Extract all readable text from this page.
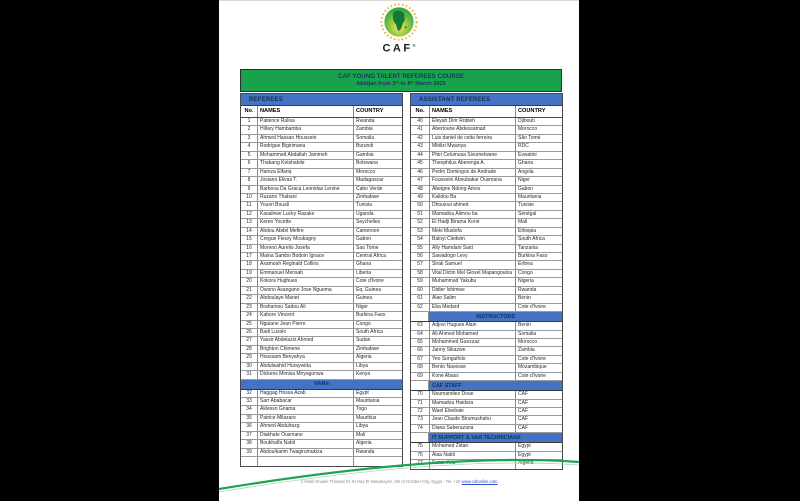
CAF®
CAF YOUNG TALENT REFEREES COURSE
Abidjan from 3ʳᵈ to 8ᵗʰ March 2025
REFEREES
No.	NAMES	COUNTRY
1	Patience Rulisa	Rwanda
2	Hillary Hambamba	Zambia
3	Ahmed Hassan Houssein	Somalia
4	Rodrigue Bigirimana	Burundi
5	Mohammed Abdallah Jammeh	Gambia
6	Thabang Ketshabile	Botswana
7	Hamza Elfariq	Morocco
8	Josiano Elivas T.	Madagascar
9	Barbosa Da Graca Leonidas Lenine	Cabo Verde
10	Ruzario Thabani	Zimbabwe
11	Yousri Bouali	Tunisia
12	Kasalirwe Lucky Razake	Uganda
13	Keren Yocette	Seychelles
14	Abdou Abdel Mefire	Cameroon
15	Cregue Fleury Moukagny	Gabon
16	Moreno Aurelio Josefa	Sao Tome
17	Maina Sambo Bodoin Ignace	Central Africa
18	Asamoah Reginald Collins	Ghana
19	Emmanuel Mensah	Liberia
20	Kokora Hughues	Cote d'Ivoire
21	Owono Asangano Jose Nguema	Eq. Guinea
22	Abdoulaye Manet	Guinea
23	Brahamou Sadou Ali	Niger
24	Kabore Vincent	Burkina Faso
25	Nguiane Jean Pierre	Congo
26	Badi Luxolo	South Africa
27	Yassir Abdelaziz Ahmed	Sudan
28	Brighton Chimene	Zimbabwe
29	Houssam Benyahya	Algeria
30	Abdulwahid Huraywida	Libya
31	Dickens Mimisa Mnyagonwa	Kenya
VARs
32	Haggag Hossa Azab	Egypt
33	Sarr Ababacar	Mauritania
34	Aklesso Gnama	Togo
35	Patrice Milazare	Mauritius
36	Ahmed Abdulrazg	Libya
37	Diakhate Ousmane	Mali
38	Boukhalfa Nabil	Algeria
39	Abdoulkarim Twagirumukiza	Rwanda
ASSISTANT REFEREES
No.	NAMES	COUNTRY
40	Eleyah Dirir Robleh	Djibouti
41	Abertoune Abdessamad	Morocco
42	Luis daniel de ceita ferreira	São Tomé
43	Mbilizi Mwanya	RDC
44	Phiri Celumusa Sivumelwane	Eswatini
45	Theophilus Aberenga A.	Ghana
46	Pedro Domingos de Andrade	Angola
47	Fousseini Aboubakar Ousmana	Niger
48	Abeigne Ndong Amos	Gabon
49	Kalidou Ba	Mauritania
50	Dhouioui ahmed	Tunisie
51	Mamadou Alimou ba	Sénégal
52	El Hadji Birama Koné	Mali
53	Meki Mustofa	Ethiopia
54	Baloyi Cledwin	South Africa
55	Ally Hamdani Said	Tanzania
56	Sawadogo Levy	Burkina Faso
57	Sirak Samuel	Eritrea
58	Vital Dictin Mel Glovel Mapangoulou	Congo
59	Muhammad Yakubu	Nigeria
60	Didier Ishimwe	Rwanda
61	Alao Salim	Benin
62	Eba Medard	Cote d'Ivoire
INSTRUCTORS
63	Adjovi Hugues Alain	Benin
64	Ali Ahmed Mohamed	Somalia
65	Mohammed Guezzaz	Morocco
66	Janny Sikazwe	Zambia
67	Yeo Songuifolo	Cote d'Ivoire
68	Bento Navesse	Mozambique
69	Kone Abass	Cote d'Ivoire
CAF STAFF
70	Noumandiez Doue	CAF
71	Mamadou Haidara	CAF
72	Wael Elsebaie	CAF
73	Jean Claude Birumushahu	CAF
74	Diana Saberazana	CAF
IT SUPPORT & VAR TECHNICIANS
75	Mohamed Zidan	Egypt
76	Alaa Nabil	Egypt
77	Samir Kria	Algeria
3 Abdel Khalek Tharwat St, El Hay El Motamayez, 6th of October City, Egypt - Tel: +20 www.cafonline.com
